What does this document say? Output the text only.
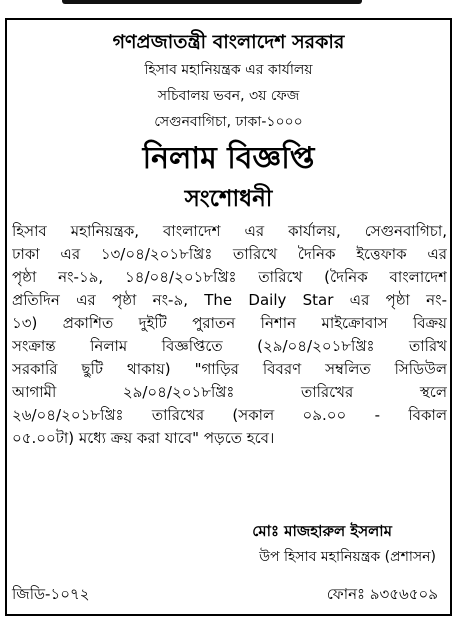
গণপ্রজাতন্ত্রী বাংলাদেশ সরকার
হিসাব মহানিয়ন্ত্রক এর কার্যালয়
সচিবালয় ভবন, ৩য় ফেজ
সেগুনবাগিচা, ঢাকা-১০০০
নিলাম বিজ্ঞপ্তি
সংশোধনী
হিসাব মহানিয়ন্ত্রক, বাংলাদেশ এর কার্যালয়, সেগুনবাগিচা,
ঢাকা এর ১৩/০৪/২০১৮খ্রিঃ তারিখে দৈনিক ইত্তেফাক এর
পৃষ্ঠা নং-১৯, ১৪/০৪/২০১৮খ্রিঃ তারিখে (দৈনিক বাংলাদেশ
প্রতিদিন এর পৃষ্ঠা নং-৯, The Daily Star এর পৃষ্ঠা নং-
১৩) প্রকাশিত দুইটি পুরাতন নিশান মাইক্রোবাস বিক্রয়
সংক্রান্ত নিলাম বিজ্ঞপ্তিতে (২৯/০৪/২০১৮খ্রিঃ তারিখ
সরকারি ছুটি থাকায়) "গাড়ির বিবরণ সম্বলিত সিডিউল
আগামী ২৯/০৪/২০১৮খ্রিঃ তারিখের স্থলে
২৬/০৪/২০১৮খ্রিঃ তারিখের (সকাল ০৯.০০ - বিকাল
০৫.০০টা) মধ্যে ক্রয় করা যাবে" পড়তে হবে।
মোঃ মাজহারুল ইসলাম
উপ হিসাব মহানিয়ন্ত্রক (প্রশাসন)
জিডি-১০৭২	ফোনঃ ৯৩৫৬৫০৯
